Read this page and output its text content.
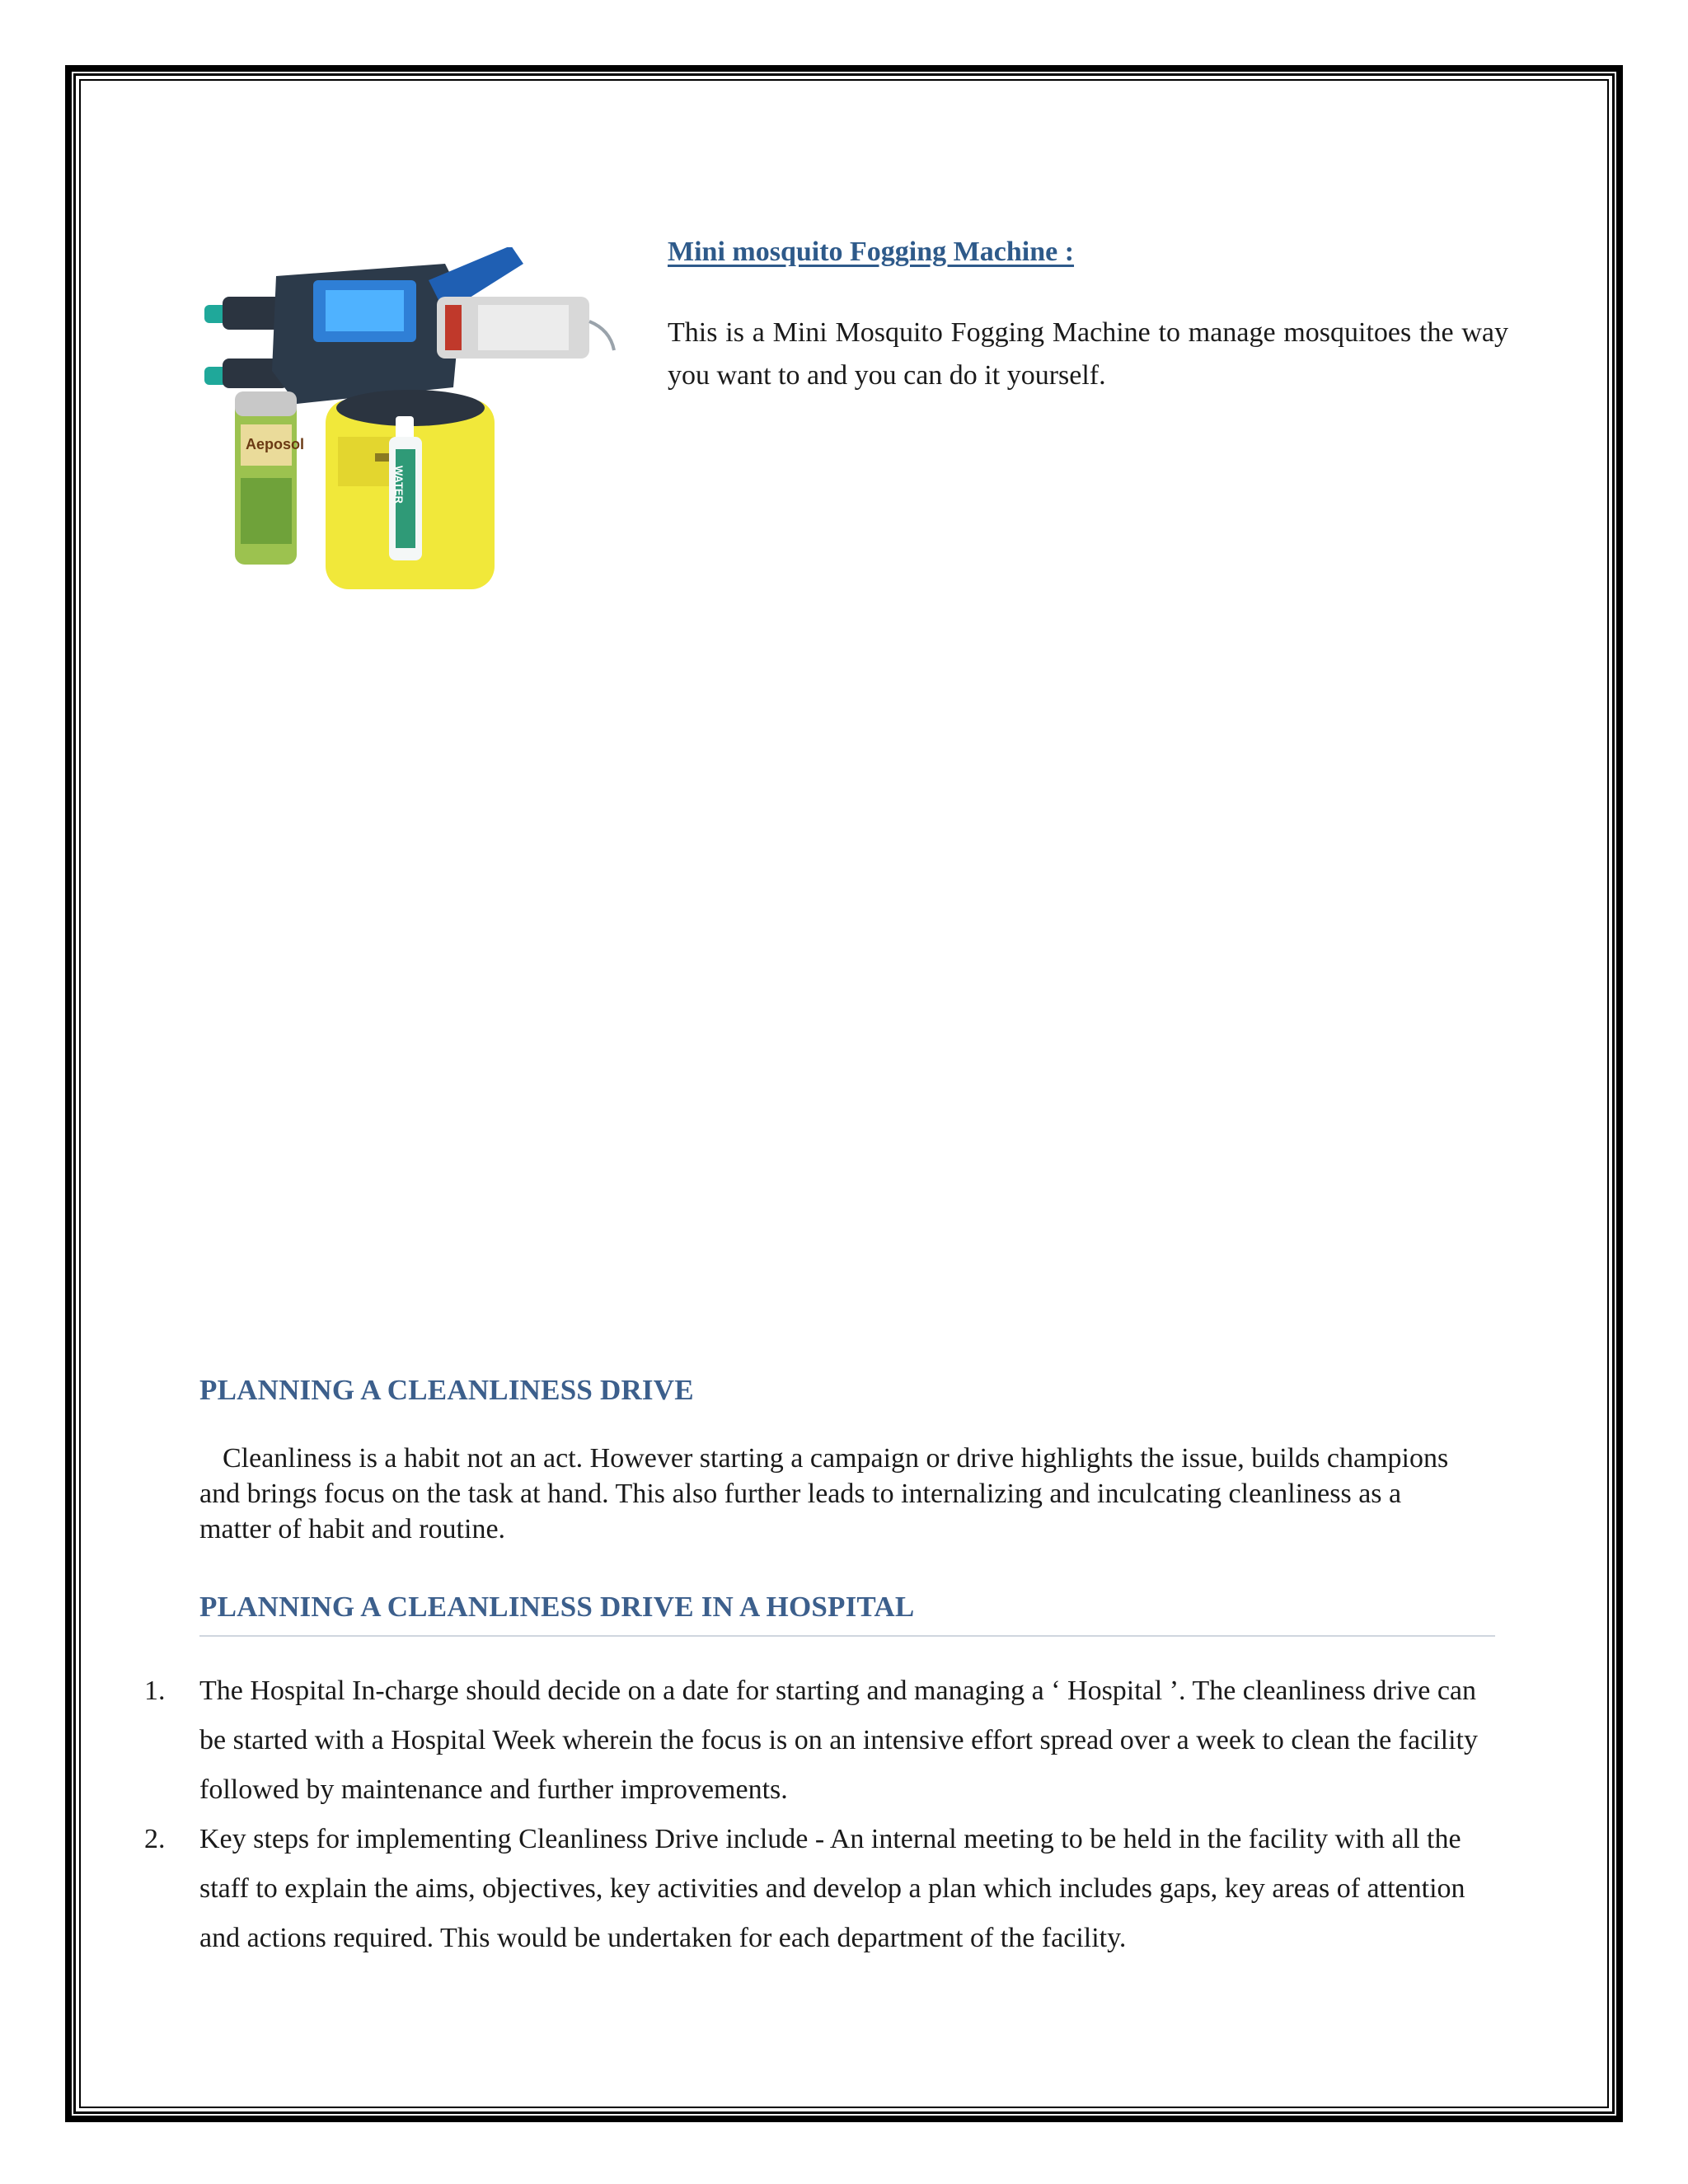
Aeposol
WATER
Mini mosquito Fogging Machine :
This is a Mini Mosquito Fogging Machine to manage mosquitoes the way you want to and you can do it yourself.
PLANNING A CLEANLINESS DRIVE
Cleanliness is a habit not an act. However starting a campaign or drive highlights the issue, builds champions and brings focus on the task at hand. This also further leads to internalizing and inculcating cleanliness as a matter of habit and routine.
PLANNING A CLEANLINESS DRIVE IN A HOSPITAL
1.	The Hospital In-charge should decide on a date for starting and managing a ‘ Hospital ’. The cleanliness drive can be started with a Hospital Week wherein the focus is on an intensive effort spread over a week to clean the facility followed by maintenance and further improvements.
2.	Key steps for implementing Cleanliness Drive include - An internal meeting to be held in the facility with all the staff to explain the aims, objectives, key activities and develop a plan which includes gaps, key areas of attention and actions required. This would be undertaken for each department of the facility.
